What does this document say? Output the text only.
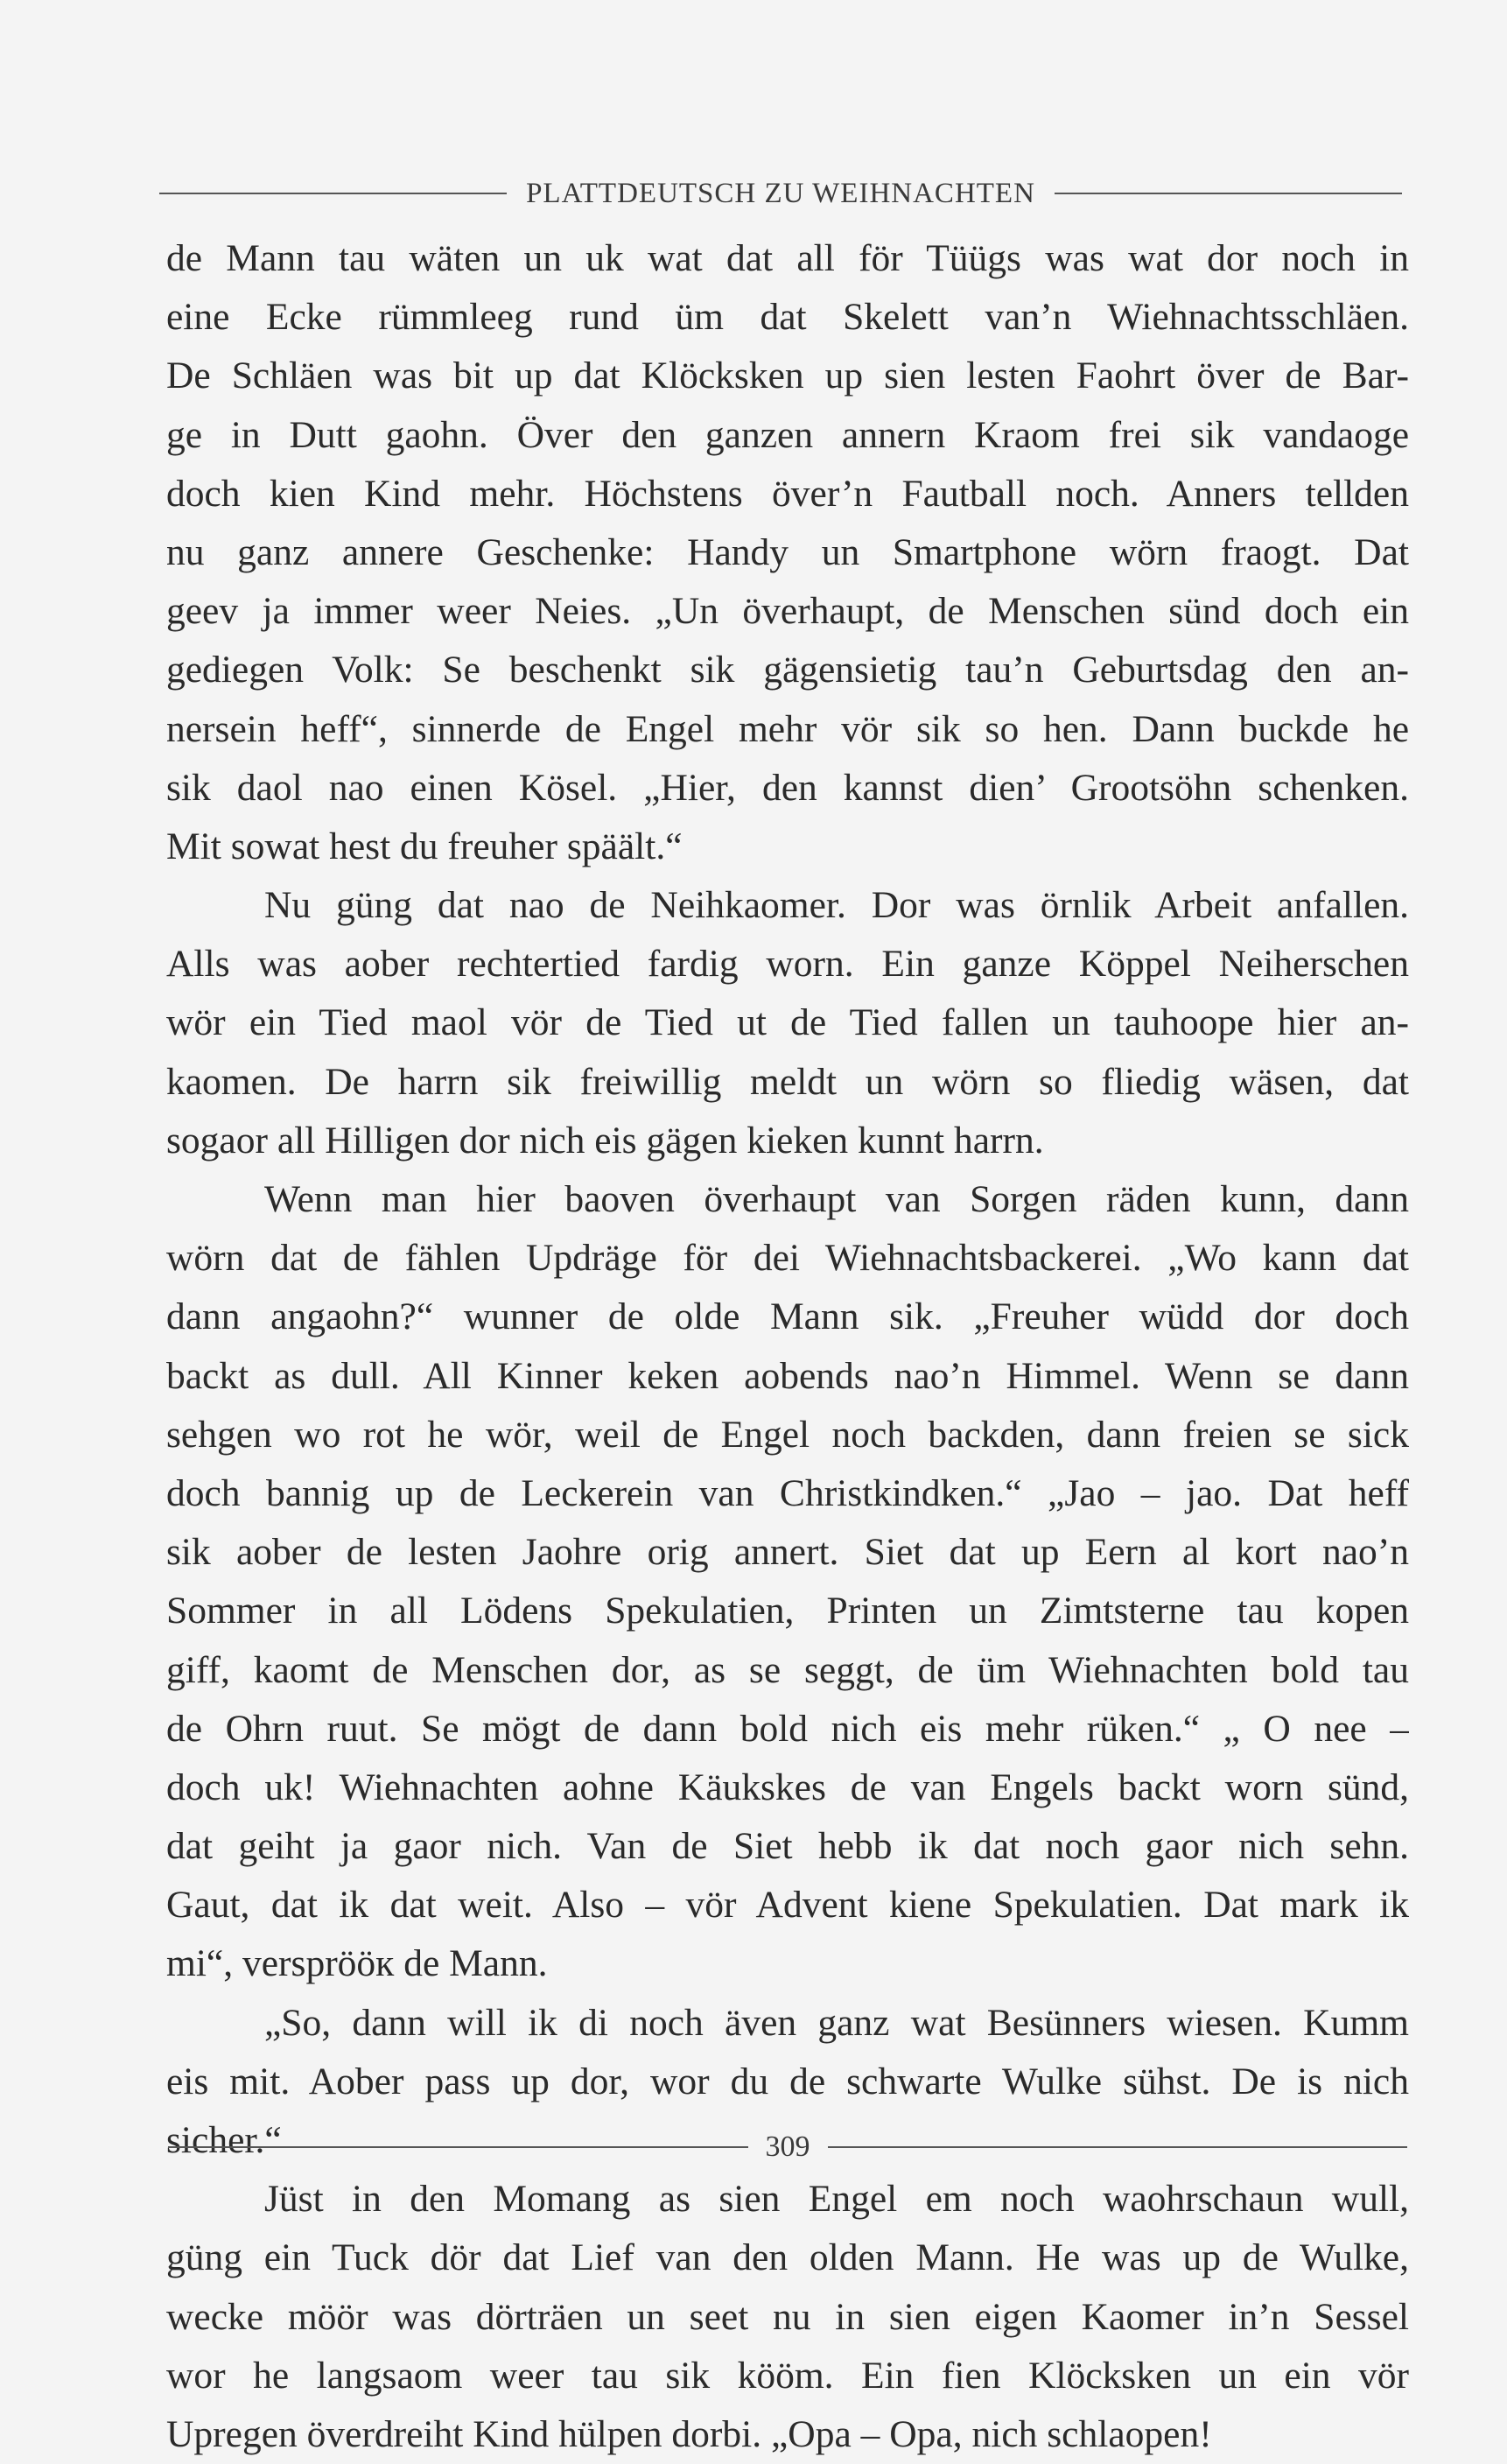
PLATTDEUTSCH ZU WEIHNACHTEN
de Mann tau wäten un uk wat dat all för Tüügs was wat dor noch in
eine Ecke rümmleeg rund üm dat Skelett van’n Wiehnachtsschläen.
De Schläen was bit up dat Klöcksken up sien lesten Faohrt över de Bar-
ge in Dutt gaohn. Över den ganzen annern Kraom frei sik vandaoge
doch kien Kind mehr. Höchstens över’n Fautball noch. Anners tellden
nu ganz annere Geschenke: Handy un Smartphone wörn fraogt. Dat
geev ja immer weer Neies. „Un överhaupt, de Menschen sünd doch ein
gediegen Volk: Se beschenkt sik gägensietig tau’n Geburtsdag den an-
nersein heff“, sinnerde de Engel mehr vör sik so hen. Dann buckde he
sik daol nao einen Kösel. „Hier, den kannst dien’ Grootsöhn schenken.
Mit sowat hest du freuher späält.“
Nu güng dat nao de Neihkaomer. Dor was örnlik Arbeit anfallen.
Alls was aober rechtertied fardig worn. Ein ganze Köppel Neiherschen
wör ein Tied maol vör de Tied ut de Tied fallen un tauhoope hier an-
kaomen. De harrn sik freiwillig meldt un wörn so fliedig wäsen, dat
sogaor all Hilligen dor nich eis gägen kieken kunnt harrn.
Wenn man hier baoven överhaupt van Sorgen räden kunn, dann
wörn dat de fählen Updräge för dei Wiehnachtsbackerei. „Wo kann dat
dann angaohn?“ wunner de olde Mann sik. „Freuher wüdd dor doch
backt as dull. All Kinner keken aobends nao’n Himmel. Wenn se dann
sehgen wo rot he wör, weil de Engel noch backden, dann freien se sick
doch bannig up de Leckerein van Christkindken.“ „Jao – jao. Dat heff
sik aober de lesten Jaohre orig annert. Siet dat up Eern al kort nao’n
Sommer in all Lödens Spekulatien, Printen un Zimtsterne tau kopen
giff, kaomt de Menschen dor, as se seggt, de üm Wiehnachten bold tau
de Ohrn ruut. Se mögt de dann bold nich eis mehr rüken.“ „ O nee –
doch uk! Wiehnachten aohne Käukskes de van Engels backt worn sünd,
dat geiht ja gaor nich. Van de Siet hebb ik dat noch gaor nich sehn.
Gaut, dat ik dat weit. Also – vör Advent kiene Spekulatien. Dat mark ik
mi“, versprööк de Mann.
„So, dann will ik di noch även ganz wat Besünners wiesen. Kumm
eis mit. Aober pass up dor, wor du de schwarte Wulke sühst. De is nich
sicher.“
Jüst in den Momang as sien Engel em noch waohrschaun wull,
güng ein Tuck dör dat Lief van den olden Mann. He was up de Wulke,
wecke möör was dörträen un seet nu in sien eigen Kaomer in’n Sessel
wor he langsaom weer tau sik kööm. Ein fien Klöcksken un ein vör
Upregen överdreiht Kind hülpen dorbi. „Opa – Opa, nich schlaopen!
309
